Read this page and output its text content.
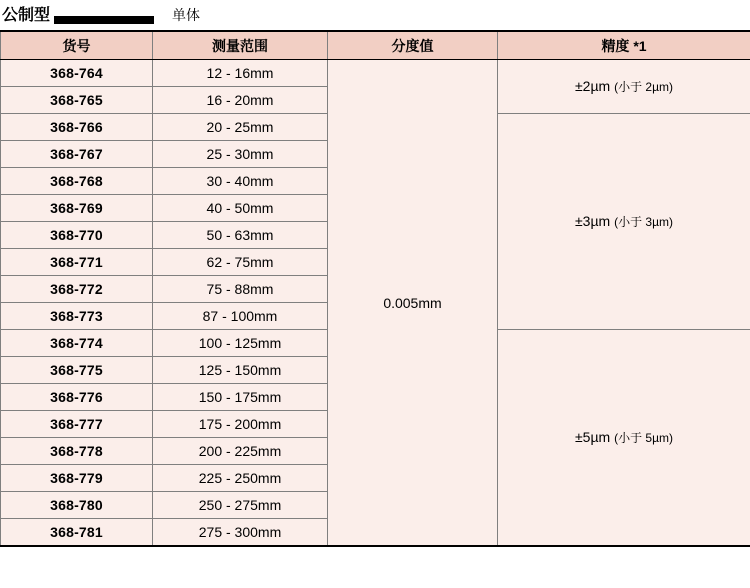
公制型	单体
货号	测量范围	分度值	精度 *1
368-764	12 - 16mm	0.005mm	±2µm (小于 2µm)
368-765	16 - 20mm		
368-766	20 - 25mm		±3µm (小于 3µm)
368-767	25 - 30mm		
368-768	30 - 40mm		
368-769	40 - 50mm		
368-770	50 - 63mm		
368-771	62 - 75mm		
368-772	75 - 88mm		
368-773	87 - 100mm		
368-774	100 - 125mm		±5µm (小于 5µm)
368-775	125 - 150mm		
368-776	150 - 175mm		
368-777	175 - 200mm		
368-778	200 - 225mm		
368-779	225 - 250mm		
368-780	250 - 275mm		
368-781	275 - 300mm		
